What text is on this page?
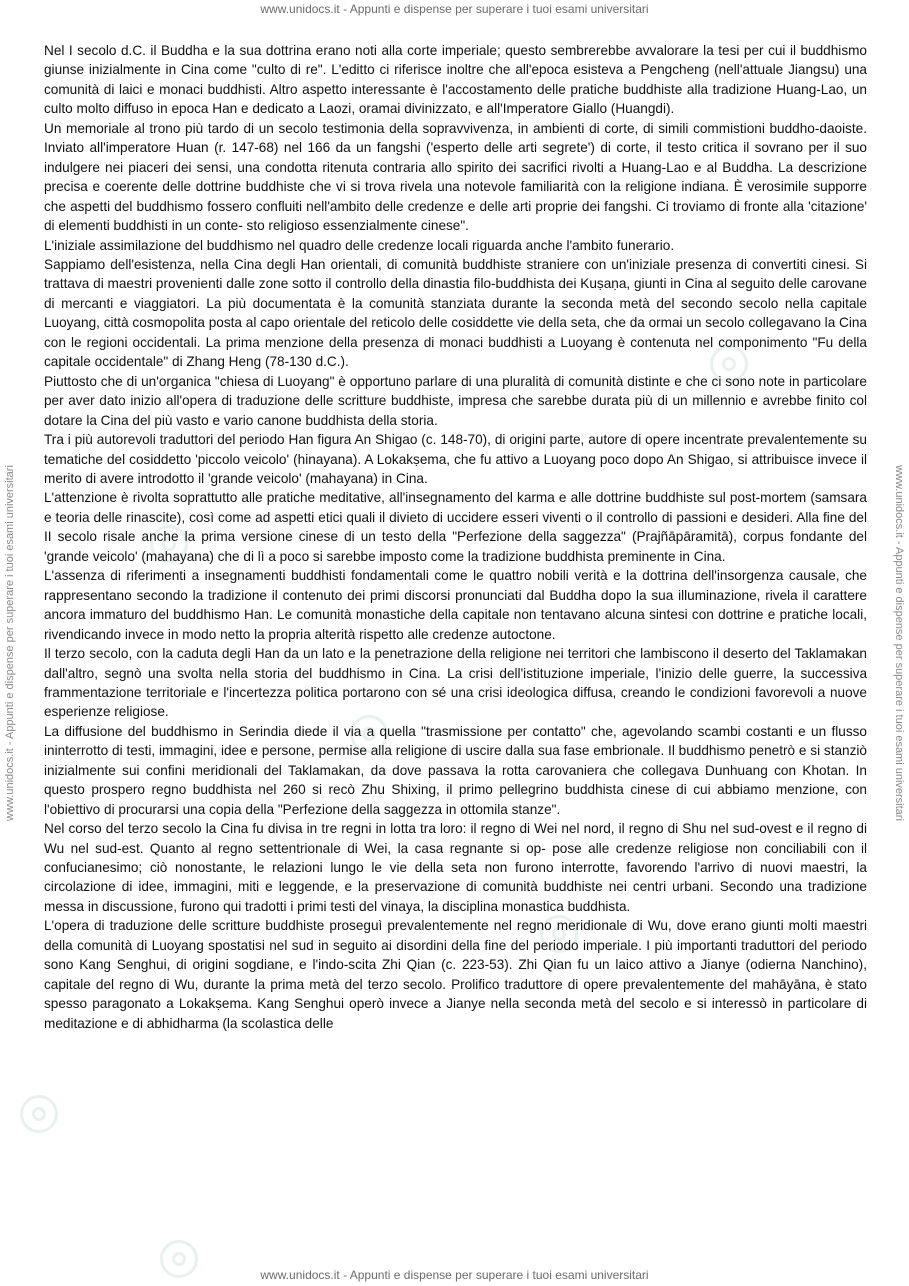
www.unidocs.it - Appunti e dispense per superare i tuoi esami universitari
www.unidocs.it - Appunti e dispense per superare i tuoi esami universitari	www.unidocs.it - Appunti e dispense per superare i tuoi esami universitari

Nel I secolo d.C. il Buddha e la sua dottrina erano noti alla corte imperiale; questo sembrerebbe avvalorare la tesi per cui il buddhismo giunse inizialmente in Cina come "culto di re". L'editto ci riferisce inoltre che all'epoca esisteva a Pengcheng (nell'attuale Jiangsu) una comunità di laici e monaci buddhisti. Altro aspetto interessante è l'accostamento delle pratiche buddhiste alla tradizione Huang-Lao, un culto molto diffuso in epoca Han e dedicato a Laozi, oramai divinizzato, e all'Imperatore Giallo (Huangdi).

Un memoriale al trono più tardo di un secolo testimonia della sopravvivenza, in ambienti di corte, di simili commistioni buddho-daoiste. Inviato all'imperatore Huan (r. 147-68) nel 166 da un fangshi ('esperto delle arti segrete') di corte, il testo critica il sovrano per il suo indulgere nei piaceri dei sensi, una condotta ritenuta contraria allo spirito dei sacrifici rivolti a Huang-Lao e al Buddha. La descrizione precisa e coerente delle dottrine buddhiste che vi si trova rivela una notevole familiarità con la religione indiana. È verosimile supporre che aspetti del buddhismo fossero confluiti nell'ambito delle credenze e delle arti proprie dei fangshi. Ci troviamo di fronte alla 'citazione' di elementi buddhisti in un conte- sto religioso essenzialmente cinese".

L'iniziale assimilazione del buddhismo nel quadro delle credenze locali riguarda anche l'ambito funerario.

Sappiamo dell'esistenza, nella Cina degli Han orientali, di comunità buddhiste straniere con un'iniziale presenza di convertiti cinesi. Si trattava di maestri provenienti dalle zone sotto il controllo della dinastia filo-buddhista dei Kuṣaṇa, giunti in Cina al seguito delle carovane di mercanti e viaggiatori. La più documentata è la comunità stanziata durante la seconda metà del secondo secolo nella capitale Luoyang, città cosmopolita posta al capo orientale del reticolo delle cosiddette vie della seta, che da ormai un secolo collegavano la Cina con le regioni occidentali. La prima menzione della presenza di monaci buddhisti a Luoyang è contenuta nel componimento "Fu della capitale occidentale" di Zhang Heng (78-130 d.C.).

Piuttosto che di un'organica "chiesa di Luoyang" è opportuno parlare di una pluralità di comunità distinte e che ci sono note in particolare per aver dato inizio all'opera di traduzione delle scritture buddhiste, impresa che sarebbe durata più di un millennio e avrebbe finito col dotare la Cina del più vasto e vario canone buddhista della storia.

Tra i più autorevoli traduttori del periodo Han figura An Shigao (c. 148-70), di origini parte, autore di opere incentrate prevalentemente su tematiche del cosiddetto 'piccolo veicolo' (hinayana). A Lokakṣema, che fu attivo a Luoyang poco dopo An Shigao, si attribuisce invece il merito di avere introdotto il 'grande veicolo' (mahayana) in Cina.

L'attenzione è rivolta soprattutto alle pratiche meditative, all'insegnamento del karma e alle dottrine buddhiste sul post-mortem (samsara e teoria delle rinascite), così come ad aspetti etici quali il divieto di uccidere esseri viventi o il controllo di passioni e desideri. Alla fine del II secolo risale anche la prima versione cinese di un testo della "Perfezione della saggezza" (Prajñāpāramitā), corpus fondante del 'grande veicolo' (mahayana) che di lì a poco si sarebbe imposto come la tradizione buddhista preminente in Cina.

L'assenza di riferimenti a insegnamenti buddhisti fondamentali come le quattro nobili verità e la dottrina dell'insorgenza causale, che rappresentano secondo la tradizione il contenuto dei primi discorsi pronunciati dal Buddha dopo la sua illuminazione, rivela il carattere ancora immaturo del buddhismo Han. Le comunità monastiche della capitale non tentavano alcuna sintesi con dottrine e pratiche locali, rivendicando invece in modo netto la propria alterità rispetto alle credenze autoctone.

Il terzo secolo, con la caduta degli Han da un lato e la penetrazione della religione nei territori che lambiscono il deserto del Taklamakan dall'altro, segnò una svolta nella storia del buddhismo in Cina. La crisi dell'istituzione imperiale, l'inizio delle guerre, la successiva frammentazione territoriale e l'incertezza politica portarono con sé una crisi ideologica diffusa, creando le condizioni favorevoli a nuove esperienze religiose.

La diffusione del buddhismo in Serindia diede il via a quella "trasmissione per contatto" che, agevolando scambi costanti e un flusso ininterrotto di testi, immagini, idee e persone, permise alla religione di uscire dalla sua fase embrionale. Il buddhismo penetrò e si stanziò inizialmente sui confini meridionali del Taklamakan, da dove passava la rotta carovaniera che collegava Dunhuang con Khotan. In questo prospero regno buddhista nel 260 si recò Zhu Shixing, il primo pellegrino buddhista cinese di cui abbiamo menzione, con l'obiettivo di procurarsi una copia della "Perfezione della saggezza in ottomila stanze".

Nel corso del terzo secolo la Cina fu divisa in tre regni in lotta tra loro: il regno di Wei nel nord, il regno di Shu nel sud-ovest e il regno di Wu nel sud-est. Quanto al regno settentrionale di Wei, la casa regnante si op- pose alle credenze religiose non conciliabili con il confucianesimo; ciò nonostante, le relazioni lungo le vie della seta non furono interrotte, favorendo l'arrivo di nuovi maestri, la circolazione di idee, immagini, miti e leggende, e la preservazione di comunità buddhiste nei centri urbani. Secondo una tradizione messa in discussione, furono qui tradotti i primi testi del vinaya, la disciplina monastica buddhista.

L'opera di traduzione delle scritture buddhiste proseguì prevalentemente nel regno meridionale di Wu, dove erano giunti molti maestri della comunità di Luoyang spostatisi nel sud in seguito ai disordini della fine del periodo imperiale. I più importanti traduttori del periodo sono Kang Senghui, di origini sogdiane, e l'indo-scita Zhi Qian (c. 223-53). Zhi Qian fu un laico attivo a Jianye (odierna Nanchino), capitale del regno di Wu, durante la prima metà del terzo secolo. Prolifico traduttore di opere prevalentemente del mahāyāna, è stato spesso paragonato a Lokakṣema. Kang Senghui operò invece a Jianye nella seconda metà del secolo e si interessò in particolare di meditazione e di abhidharma (la scolastica delle

www.unidocs.it - Appunti e dispense per superare i tuoi esami universitari
